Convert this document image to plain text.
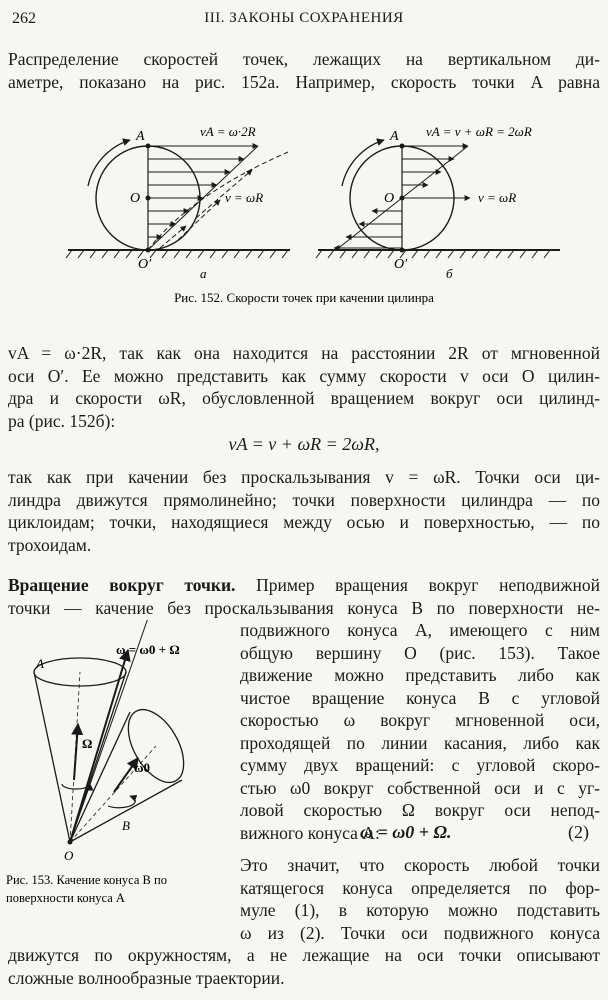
262	III. ЗАКОНЫ СОХРАНЕНИЯ
Распределение скоростей точек, лежащих на вертикальном ди-
аметре, показано на рис. 152а. Например, скорость точки A равна
A
O
O′
vA = ω·2R
v = ωR
а
A
O
O′
vA = v + ωR = 2ωR
v = ωR
б
Рис. 152. Скорости точек при качении цилинра
vA = ω·2R, так как она находится на расстоянии 2R от мгновенной
оси O′. Ее можно представить как сумму скорости v оси O цилин-
дра и скорости ωR, обусловленной вращением вокруг оси цилинд-
ра (рис. 152б):
vA = v + ωR = 2ωR,
так как при качении без проскальзывания v = ωR. Точки оси ци-
линдра движутся прямолинейно; точки поверхности цилиндра — по
циклоидам; точки, находящиеся между осью и поверхностью, — по
трохоидам.
Вращение вокруг точки. Пример вращения вокруг неподвижной
точки — качение без проскальзывания конуса B по поверхности не-
подвижного конуса A, имеющего с ним
общую вершину O (рис. 153). Такое
движение можно представить либо как
чистое вращение конуса B с угловой
скоростью ω вокруг мгновенной оси,
проходящей по линии касания, либо как
сумму двух вращений: с угловой скоро-
стью ω0 вокруг собственной оси и с уг-
ловой скоростью Ω вокруг оси непод-
вижного конуса A:
ω = ω0 + Ω.	(2)
Это значит, что скорость любой точки
катящегося конуса определяется по фор-
муле (1), в которую можно подставить
ω из (2). Точки оси подвижного конуса
движутся по окружностям, а не лежащие на оси точки описывают
сложные волнообразные траектории.
A
B
O
ω = ω0 + Ω
Ω
ω0
Рис. 153. Качение конуса B по
поверхности конуса A
